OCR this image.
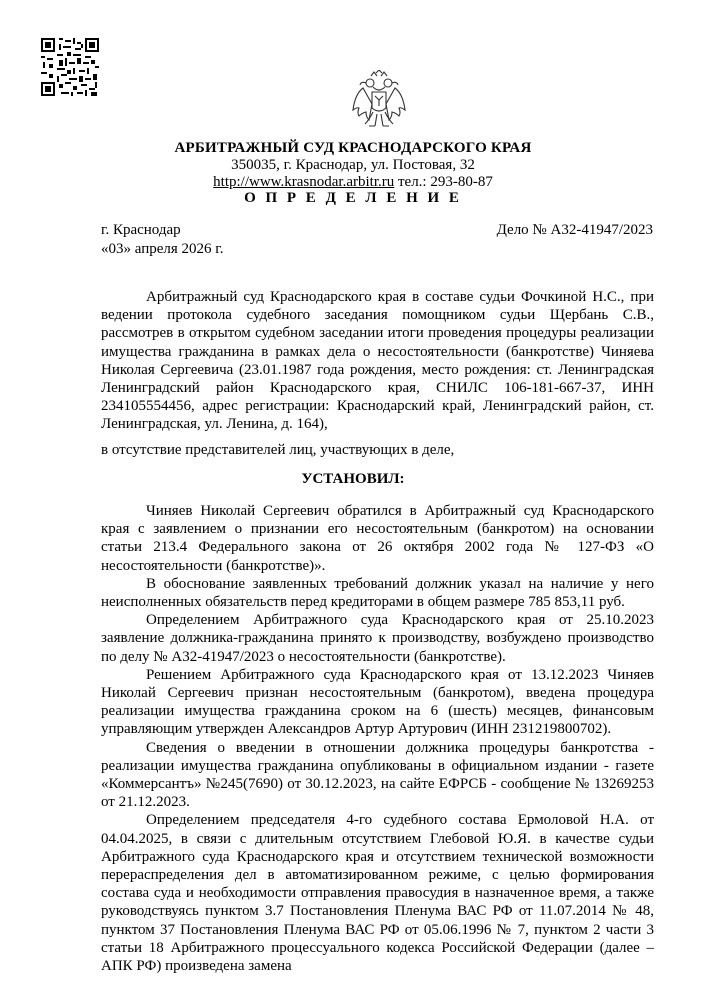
АРБИТРАЖНЫЙ СУД КРАСНОДАРСКОГО КРАЯ
350035, г. Краснодар, ул. Постовая, 32
http://www.krasnodar.arbitr.ru тел.: 293-80-87
О П Р Е Д Е Л Е Н И Е
г. Краснодар
«03» апреля 2026 г.
Дело № А32-41947/2023

Арбитражный суд Краснодарского края в составе судьи Фочкиной Н.С., при ведении протокола судебного заседания помощником судьи Щербань С.В., рассмотрев в открытом судебном заседании итоги проведения процедуры реализации имущества гражданина в рамках дела о несостоятельности (банкротстве) Чиняева Николая Сергеевича (23.01.1987 года рождения, место рождения: ст. Ленинградская Ленинградский район Краснодарского края, СНИЛС 106-181-667-37, ИНН 234105554456, адрес регистрации: Краснодарский край, Ленинградский район, ст. Ленинградская, ул. Ленина, д. 164),

в отсутствие представителей лиц, участвующих в деле,

УСТАНОВИЛ:

Чиняев Николай Сергеевич обратился в Арбитражный суд Краснодарского края с заявлением о признании его несостоятельным (банкротом) на основании статьи 213.4 Федерального закона от 26 октября 2002 года № 127-ФЗ «О несостоятельности (банкротстве)».

В обоснование заявленных требований должник указал на наличие у него неисполненных обязательств перед кредиторами в общем размере 785 853,11 руб.

Определением Арбитражного суда Краснодарского края от 25.10.2023 заявление должника-гражданина принято к производству, возбуждено производство по делу № А32-41947/2023 о несостоятельности (банкротстве).

Решением Арбитражного суда Краснодарского края от 13.12.2023 Чиняев Николай Сергеевич признан несостоятельным (банкротом), введена процедура реализации имущества гражданина сроком на 6 (шесть) месяцев, финансовым управляющим утвержден Александров Артур Артурович (ИНН 231219800702).

Сведения о введении в отношении должника процедуры банкротства - реализации имущества гражданина опубликованы в официальном издании - газете «Коммерсантъ» №245(7690) от 30.12.2023, на сайте ЕФРСБ - сообщение № 13269253 от 21.12.2023.

Определением председателя 4-го судебного состава Ермоловой Н.А. от 04.04.2025, в связи с длительным отсутствием Глебовой Ю.Я. в качестве судьи Арбитражного суда Краснодарского края и отсутствием технической возможности перераспределения дел в автоматизированном режиме, с целью формирования состава суда и необходимости отправления правосудия в назначенное время, а также руководствуясь пунктом 3.7 Постановления Пленума ВАС РФ от 11.07.2014 № 48, пунктом 37 Постановления Пленума ВАС РФ от 05.06.1996 № 7, пунктом 2 части 3 статьи 18 Арбитражного процессуального кодекса Российской Федерации (далее – АПК РФ) произведена замена
